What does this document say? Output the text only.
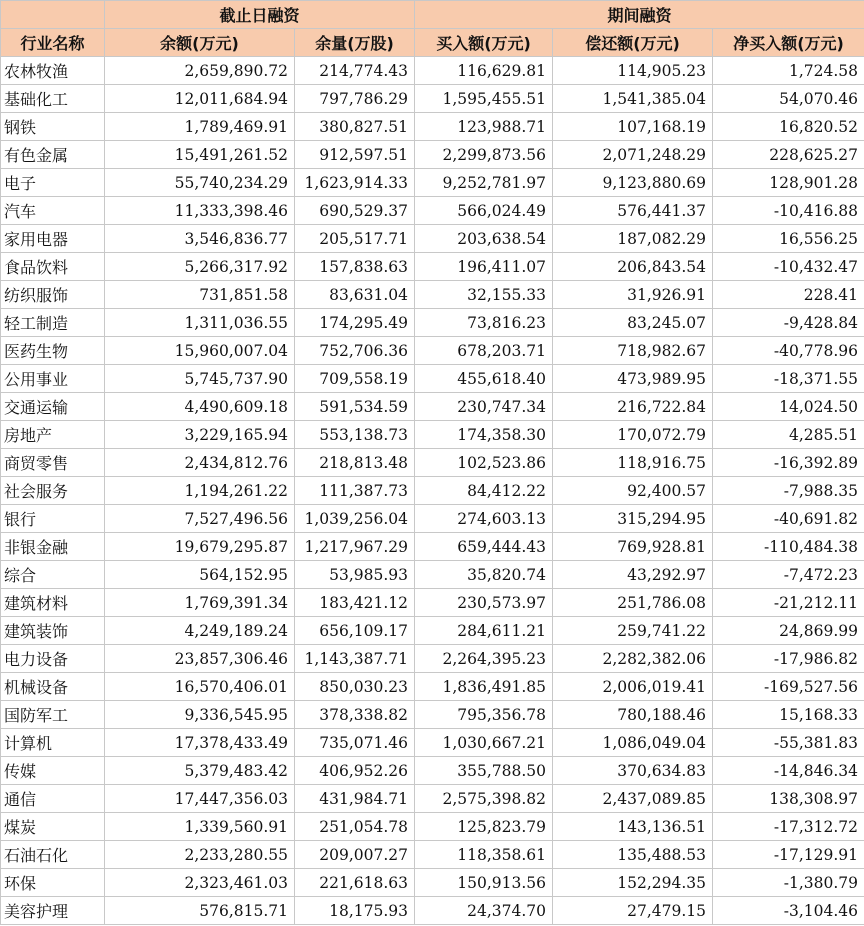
	截止日融资		期间融资		
行业名称	余额(万元)	余量(万股)	买入额(万元)	偿还额(万元)	净买入额(万元)
农林牧渔	2,659,890.72	214,774.43	116,629.81	114,905.23	1,724.58
基础化工	12,011,684.94	797,786.29	1,595,455.51	1,541,385.04	54,070.46
钢铁	1,789,469.91	380,827.51	123,988.71	107,168.19	16,820.52
有色金属	15,491,261.52	912,597.51	2,299,873.56	2,071,248.29	228,625.27
电子	55,740,234.29	1,623,914.33	9,252,781.97	9,123,880.69	128,901.28
汽车	11,333,398.46	690,529.37	566,024.49	576,441.37	-10,416.88
家用电器	3,546,836.77	205,517.71	203,638.54	187,082.29	16,556.25
食品饮料	5,266,317.92	157,838.63	196,411.07	206,843.54	-10,432.47
纺织服饰	731,851.58	83,631.04	32,155.33	31,926.91	228.41
轻工制造	1,311,036.55	174,295.49	73,816.23	83,245.07	-9,428.84
医药生物	15,960,007.04	752,706.36	678,203.71	718,982.67	-40,778.96
公用事业	5,745,737.90	709,558.19	455,618.40	473,989.95	-18,371.55
交通运输	4,490,609.18	591,534.59	230,747.34	216,722.84	14,024.50
房地产	3,229,165.94	553,138.73	174,358.30	170,072.79	4,285.51
商贸零售	2,434,812.76	218,813.48	102,523.86	118,916.75	-16,392.89
社会服务	1,194,261.22	111,387.73	84,412.22	92,400.57	-7,988.35
银行	7,527,496.56	1,039,256.04	274,603.13	315,294.95	-40,691.82
非银金融	19,679,295.87	1,217,967.29	659,444.43	769,928.81	-110,484.38
综合	564,152.95	53,985.93	35,820.74	43,292.97	-7,472.23
建筑材料	1,769,391.34	183,421.12	230,573.97	251,786.08	-21,212.11
建筑装饰	4,249,189.24	656,109.17	284,611.21	259,741.22	24,869.99
电力设备	23,857,306.46	1,143,387.71	2,264,395.23	2,282,382.06	-17,986.82
机械设备	16,570,406.01	850,030.23	1,836,491.85	2,006,019.41	-169,527.56
国防军工	9,336,545.95	378,338.82	795,356.78	780,188.46	15,168.33
计算机	17,378,433.49	735,071.46	1,030,667.21	1,086,049.04	-55,381.83
传媒	5,379,483.42	406,952.26	355,788.50	370,634.83	-14,846.34
通信	17,447,356.03	431,984.71	2,575,398.82	2,437,089.85	138,308.97
煤炭	1,339,560.91	251,054.78	125,823.79	143,136.51	-17,312.72
石油石化	2,233,280.55	209,007.27	118,358.61	135,488.53	-17,129.91
环保	2,323,461.03	221,618.63	150,913.56	152,294.35	-1,380.79
美容护理	576,815.71	18,175.93	24,374.70	27,479.15	-3,104.46
